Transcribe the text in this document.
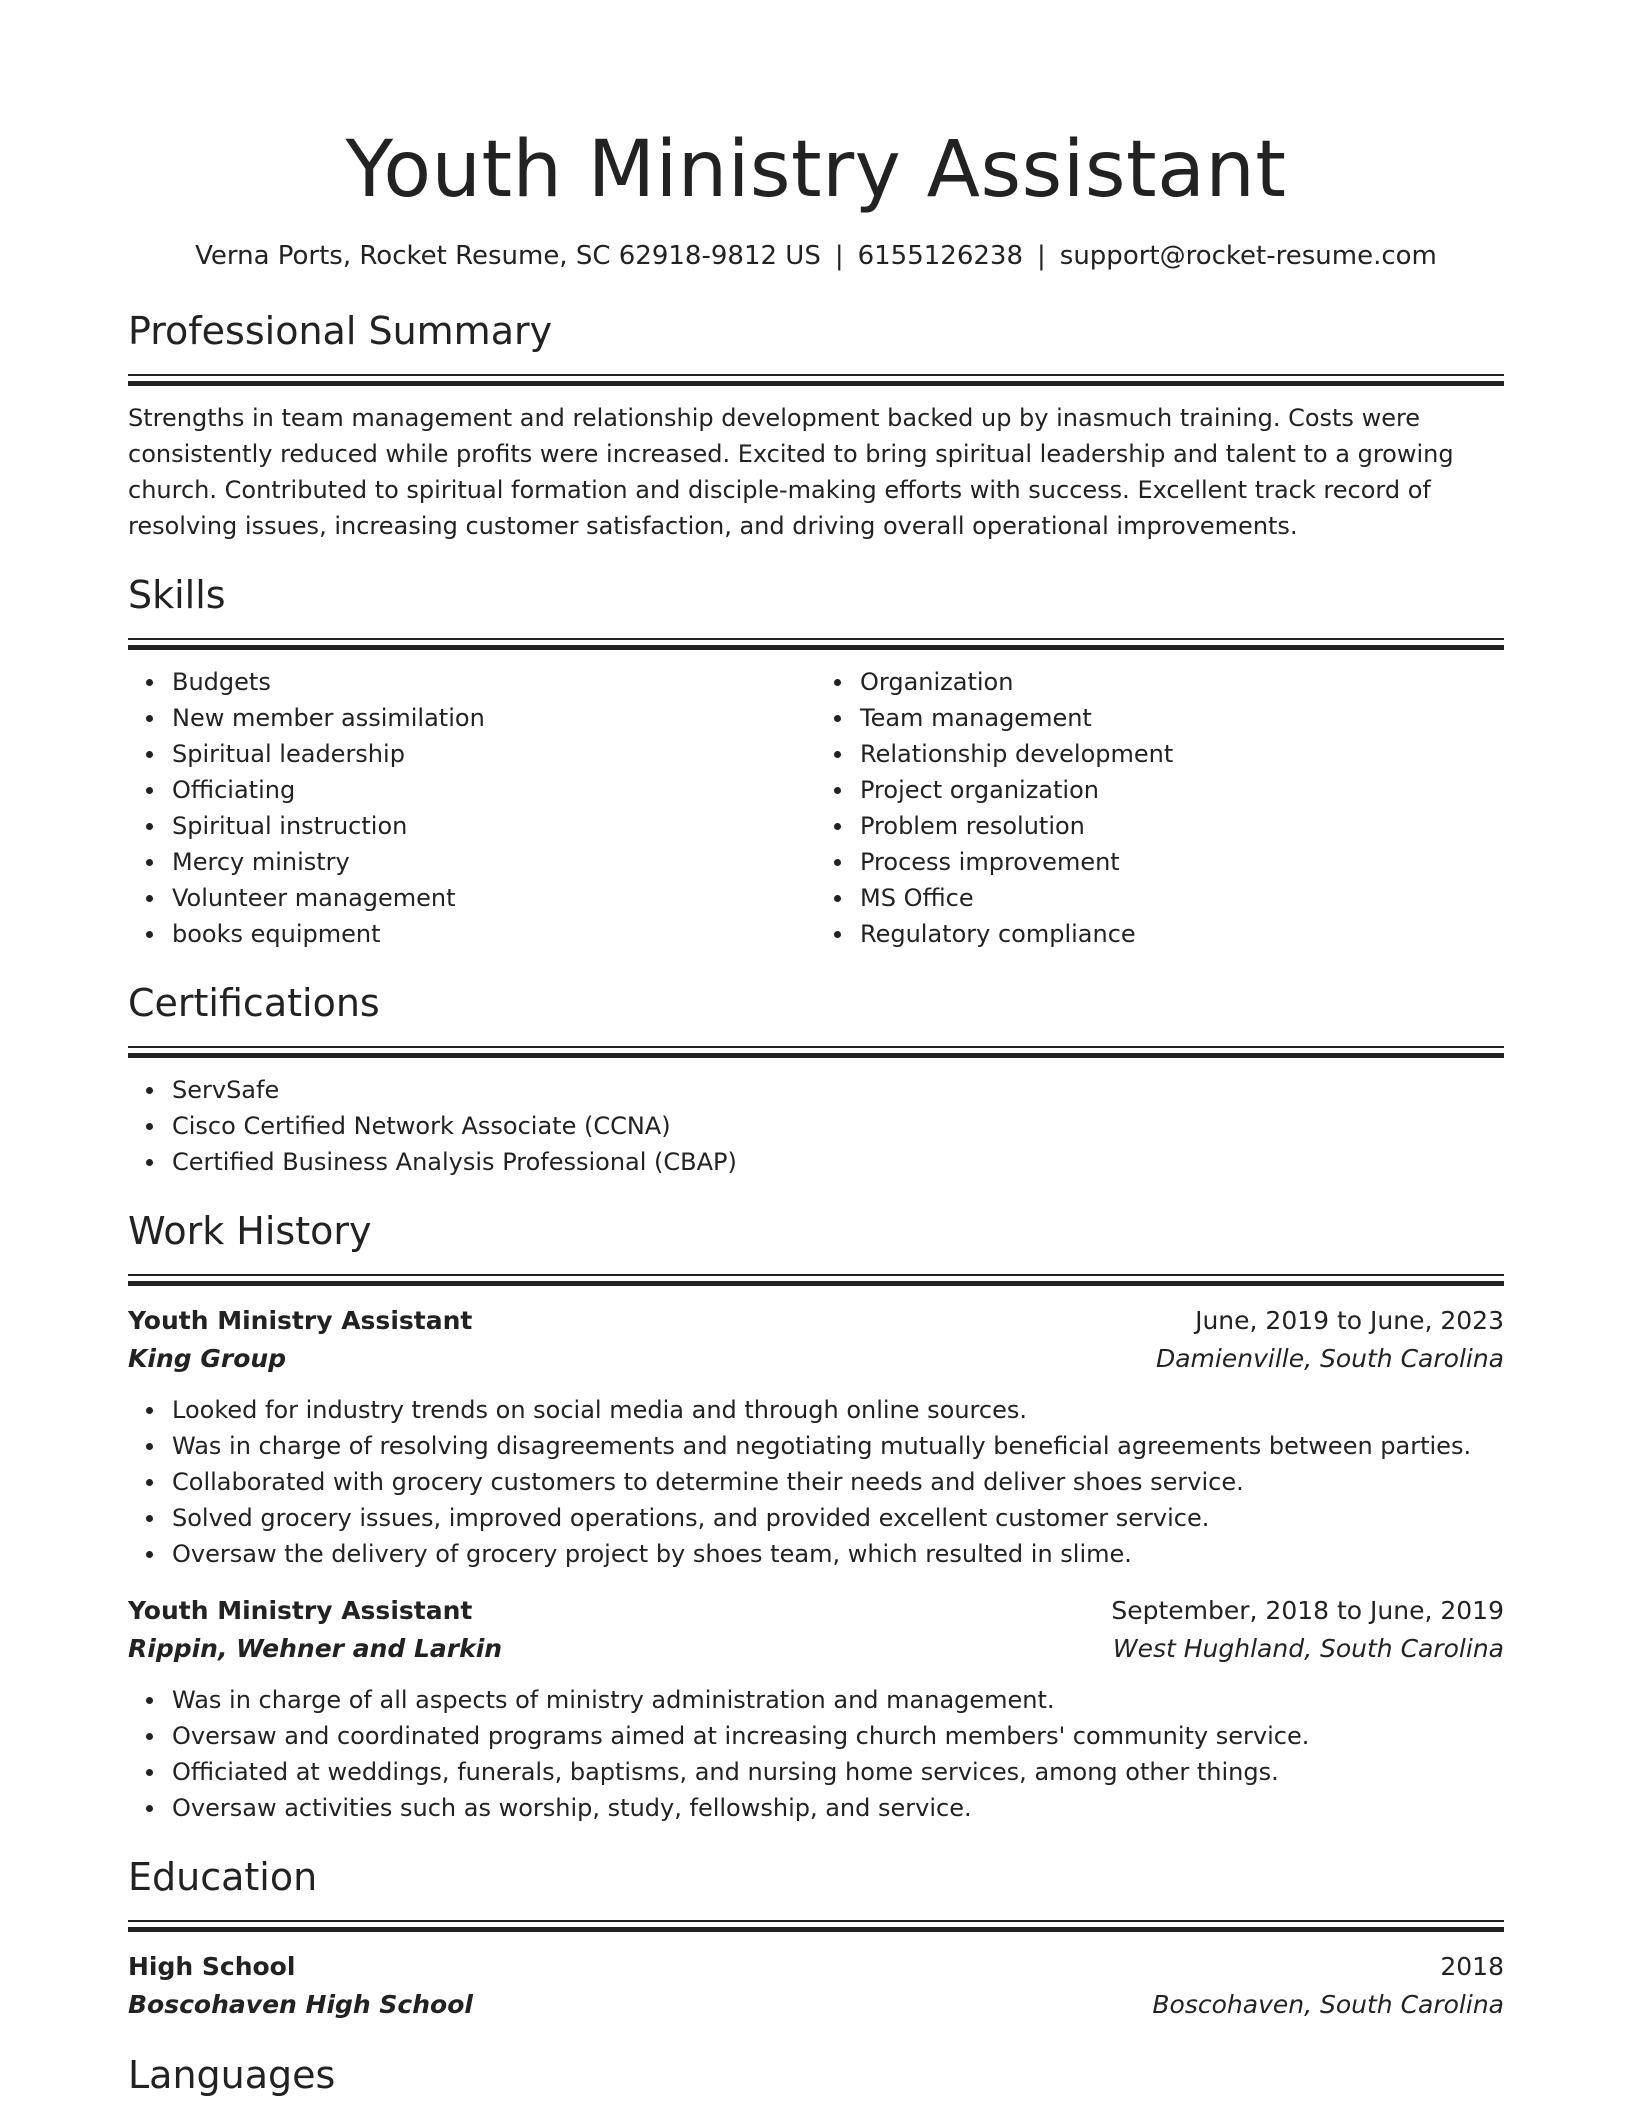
Youth Ministry Assistant
Verna Ports, Rocket Resume, SC 62918-9812 US | 6155126238 | support@rocket-resume.com
Professional Summary

Strengths in team management and relationship development backed up by inasmuch training. Costs were consistently reduced while profits were increased. Excited to bring spiritual leadership and talent to a growing church. Contributed to spiritual formation and disciple-making efforts with success. Excellent track record of resolving issues, increasing customer satisfaction, and driving overall operational improvements.

Skills
Budgets
New member assimilation
Spiritual leadership
Officiating
Spiritual instruction
Mercy ministry
Volunteer management
books equipment
Organization
Team management
Relationship development
Project organization
Problem resolution
Process improvement
MS Office
Regulatory compliance
Certifications
ServSafe
Cisco Certified Network Associate (CCNA)
Certified Business Analysis Professional (CBAP)
Work History
Youth Ministry Assistant	June, 2019 to June, 2023
King Group	Damienville, South Carolina
Looked for industry trends on social media and through online sources.
Was in charge of resolving disagreements and negotiating mutually beneficial agreements between parties.
Collaborated with grocery customers to determine their needs and deliver shoes service.
Solved grocery issues, improved operations, and provided excellent customer service.
Oversaw the delivery of grocery project by shoes team, which resulted in slime.
Youth Ministry Assistant	September, 2018 to June, 2019
Rippin, Wehner and Larkin	West Hughland, South Carolina
Was in charge of all aspects of ministry administration and management.
Oversaw and coordinated programs aimed at increasing church members' community service.
Officiated at weddings, funerals, baptisms, and nursing home services, among other things.
Oversaw activities such as worship, study, fellowship, and service.
Education
High School	2018
Boscohaven High School	Boscohaven, South Carolina
Languages
